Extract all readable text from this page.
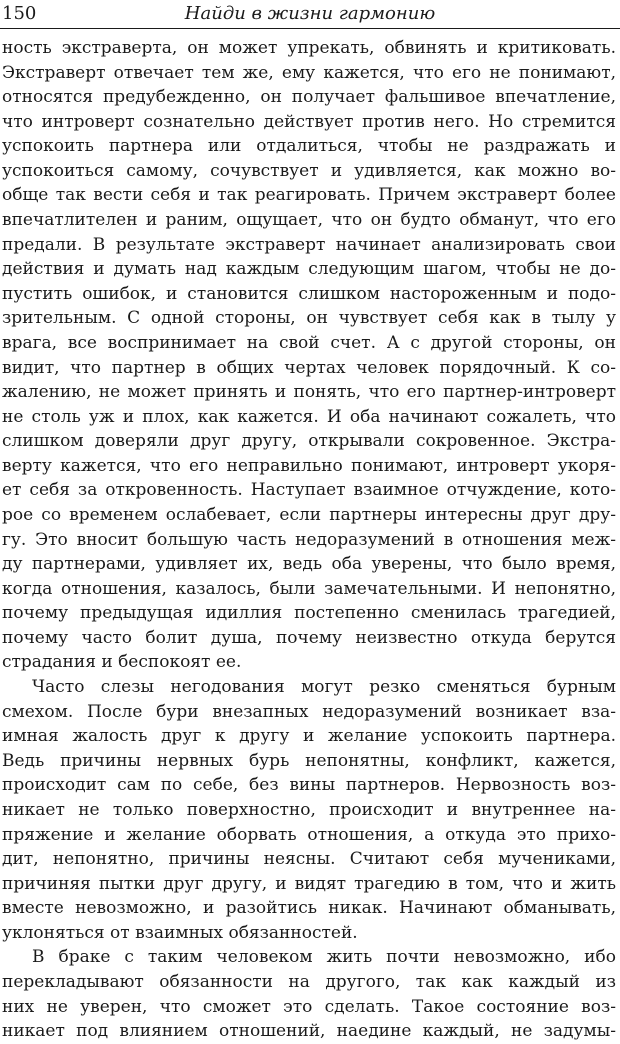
150	Найди в жизни гармонию
ность экстраверта, он может упрекать, обвинять и критиковать.
Экстраверт отвечает тем же, ему кажется, что его не понимают,
относятся предубежденно, он получает фальшивое впечатление,
что интроверт сознательно действует против него. Но стремится
успокоить партнера или отдалиться, чтобы не раздражать и
успокоиться самому, сочувствует и удивляется, как можно во-
обще так вести себя и так реагировать. Причем экстраверт более
впечатлителен и раним, ощущает, что он будто обманут, что его
предали. В результате экстраверт начинает анализировать свои
действия и думать над каждым следующим шагом, чтобы не до-
пустить ошибок, и становится слишком настороженным и подо-
зрительным. С одной стороны, он чувствует себя как в тылу у
врага, все воспринимает на свой счет. А с другой стороны, он
видит, что партнер в общих чертах человек порядочный. К со-
жалению, не может принять и понять, что его партнер-интроверт
не столь уж и плох, как кажется. И оба начинают сожалеть, что
слишком доверяли друг другу, открывали сокровенное. Экстра-
верту кажется, что его неправильно понимают, интроверт укоря-
ет себя за откровенность. Наступает взаимное отчуждение, кото-
рое со временем ослабевает, если партнеры интересны друг дру-
гу. Это вносит большую часть недоразумений в отношения меж-
ду партнерами, удивляет их, ведь оба уверены, что было время,
когда отношения, казалось, были замечательными. И непонятно,
почему предыдущая идиллия постепенно сменилась трагедией,
почему часто болит душа, почему неизвестно откуда берутся
страдания и беспокоят ее.
Часто слезы негодования могут резко сменяться бурным
смехом. После бури внезапных недоразумений возникает вза-
имная жалость друг к другу и желание успокоить партнера.
Ведь причины нервных бурь непонятны, конфликт, кажется,
происходит сам по себе, без вины партнеров. Нервозность воз-
никает не только поверхностно, происходит и внутреннее на-
пряжение и желание оборвать отношения, а откуда это прихо-
дит, непонятно, причины неясны. Считают себя мучениками,
причиняя пытки друг другу, и видят трагедию в том, что и жить
вместе невозможно, и разойтись никак. Начинают обманывать,
уклоняться от взаимных обязанностей.
В браке с таким человеком жить почти невозможно, ибо
перекладывают обязанности на другого, так как каждый из
них не уверен, что сможет это сделать. Такое состояние воз-
никает под влиянием отношений, наедине каждый, не задумы-
